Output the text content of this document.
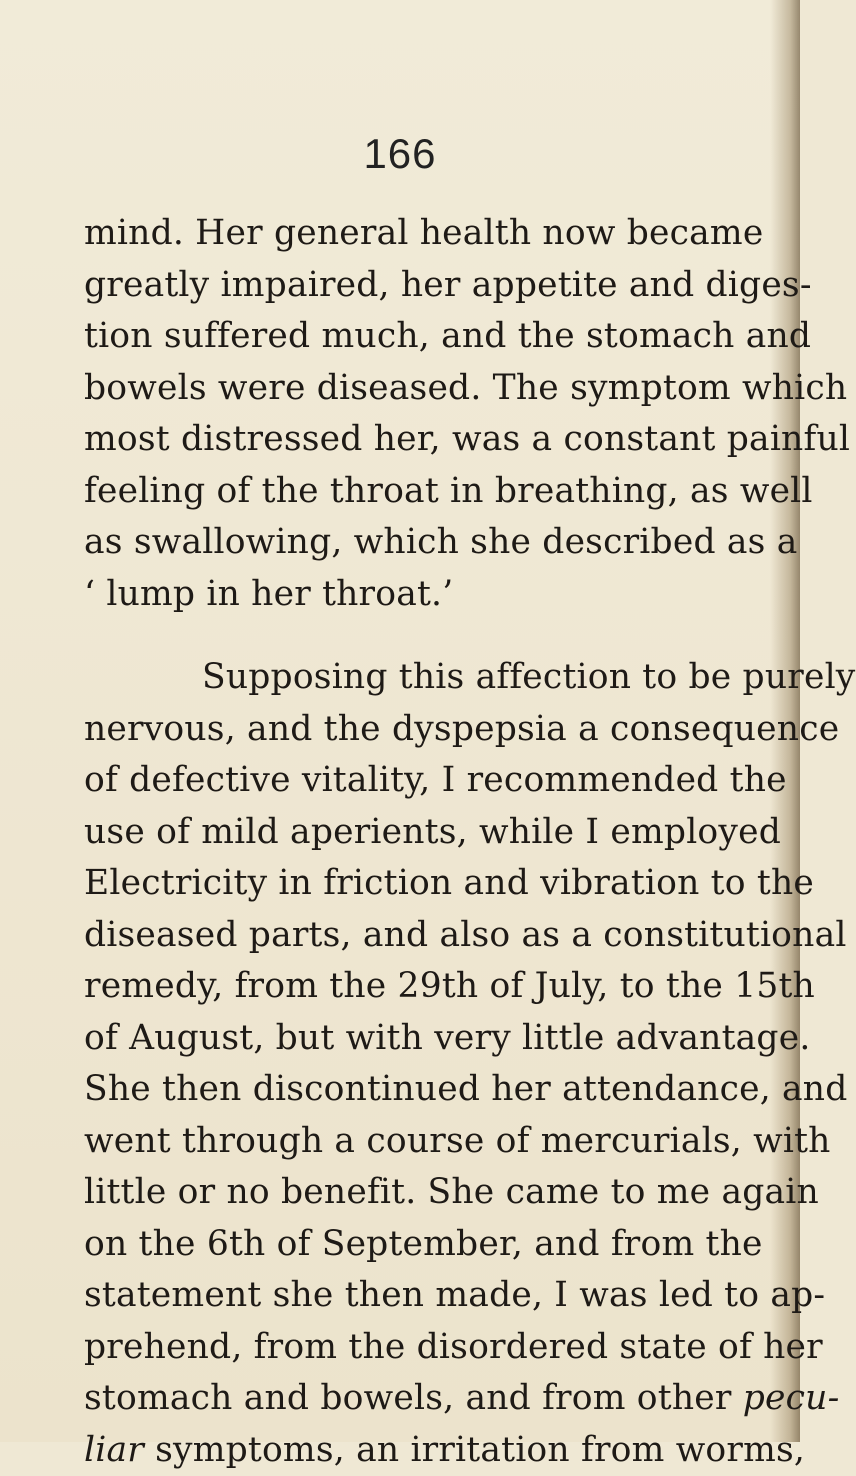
166
mind. Her general health now became
greatly impaired, her appetite and diges-
tion suffered much, and the stomach and
bowels were diseased. The symptom which
most distressed her, was a constant painful
feeling of the throat in breathing, as well
as swallowing, which she described as a
‘ lump in her throat.’
Supposing this affection to be purely
nervous, and the dyspepsia a consequence
of defective vitality, I recommended the
use of mild aperients, while I employed
Electricity in friction and vibration to the
diseased parts, and also as a constitutional
remedy, from the 29th of July, to the 15th
of August, but with very little advantage.
She then discontinued her attendance, and
went through a course of mercurials, with
little or no benefit. She came to me again
on the 6th of September, and from the
statement she then made, I was led to ap-
prehend, from the disordered state of her
stomach and bowels, and from other pecu-
liar symptoms, an irritation from worms,
